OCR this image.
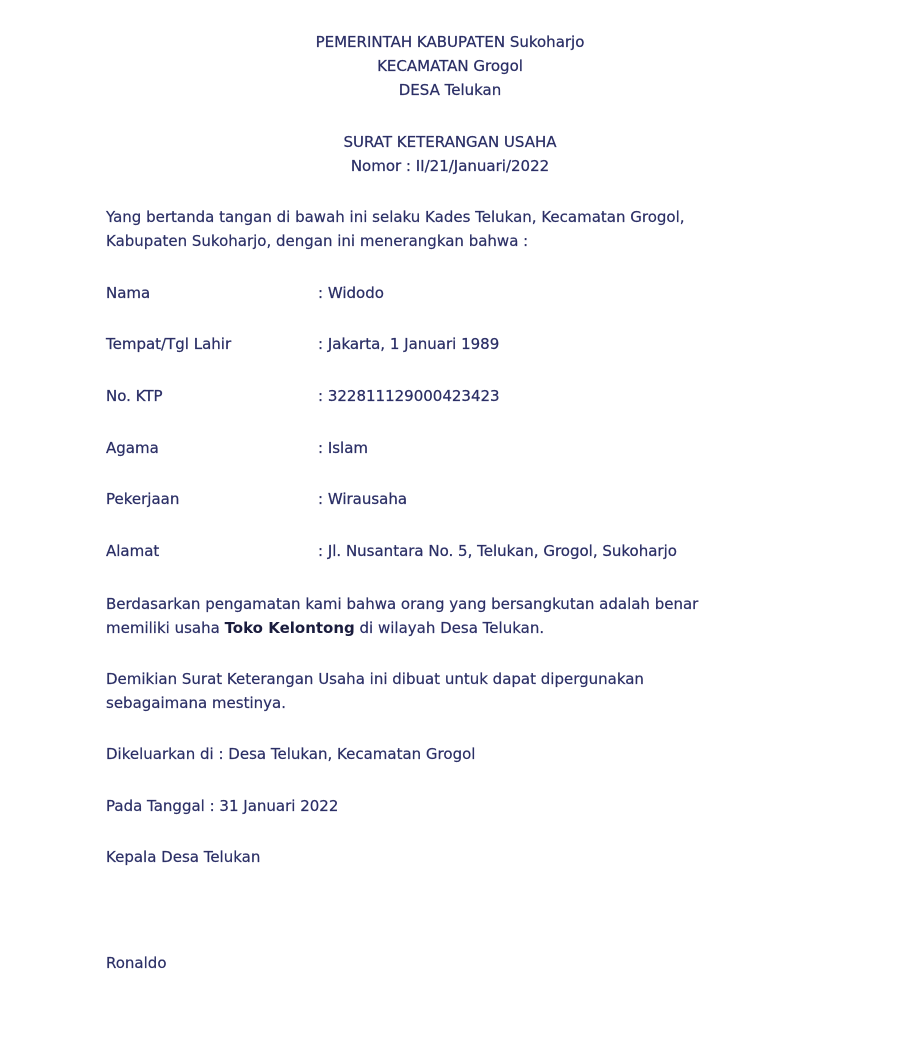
PEMERINTAH KABUPATEN Sukoharjo
KECAMATAN Grogol
DESA Telukan
SURAT KETERANGAN USAHA
Nomor : II/21/Januari/2022
Yang bertanda tangan di bawah ini selaku Kades Telukan, Kecamatan Grogol,
Kabupaten Sukoharjo, dengan ini menerangkan bahwa :
Nama	: Widodo
Tempat/Tgl Lahir	: Jakarta, 1 Januari 1989
No. KTP	: 322811129000423423
Agama	: Islam
Pekerjaan	: Wirausaha
Alamat	: Jl. Nusantara No. 5, Telukan, Grogol, Sukoharjo
Berdasarkan pengamatan kami bahwa orang yang bersangkutan adalah benar
memiliki usaha Toko Kelontong di wilayah Desa Telukan.
Demikian Surat Keterangan Usaha ini dibuat untuk dapat dipergunakan
sebagaimana mestinya.
Dikeluarkan di : Desa Telukan, Kecamatan Grogol
Pada Tanggal : 31 Januari 2022
Kepala Desa Telukan
Ronaldo
